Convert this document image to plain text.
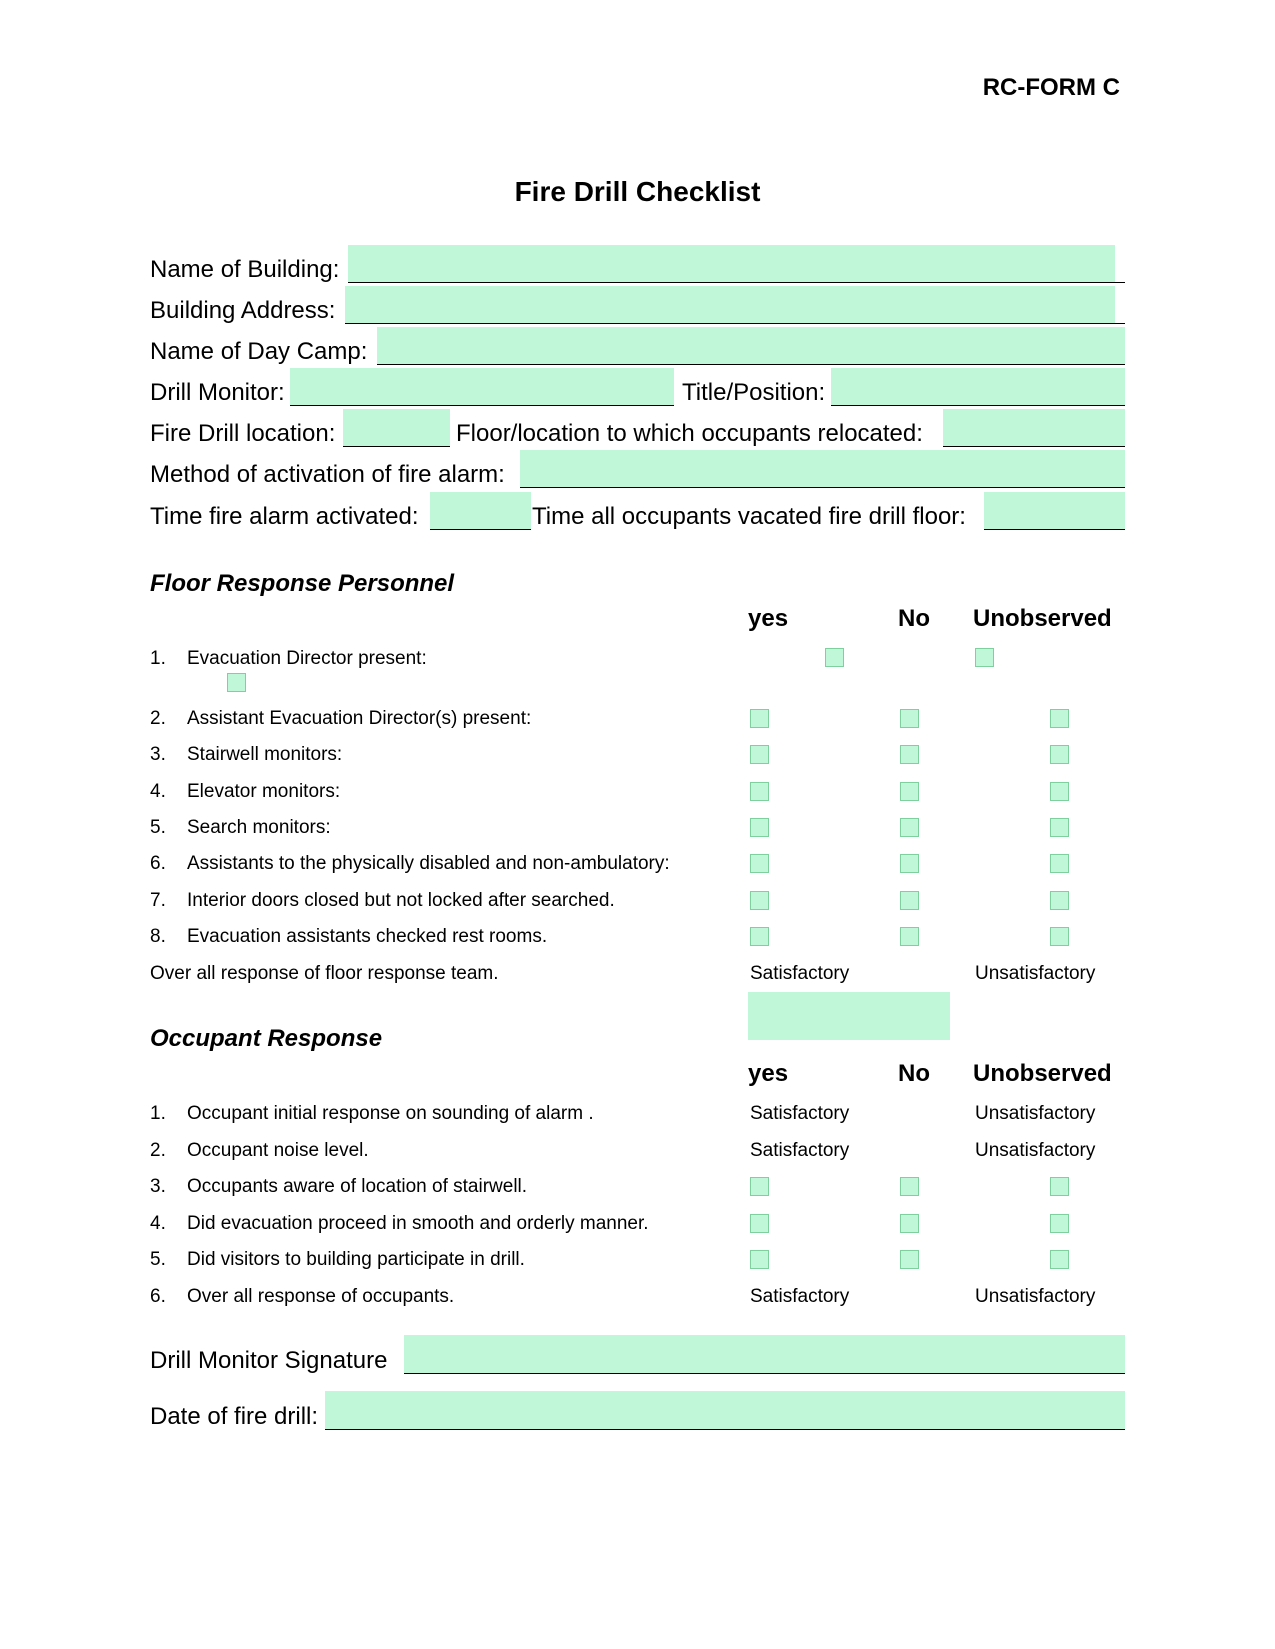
RC-FORM C
Fire Drill Checklist
Name of Building:
Building Address:
Name of Day Camp:
Drill Monitor:	Title/Position:
Fire Drill location:	Floor/location to which occupants relocated:
Method of activation of fire alarm:
Time fire alarm activated:	Time all occupants vacated fire drill floor:
Floor Response Personnel
yes	No Unobserved
1. Evacuation Director present:
2. Assistant Evacuation Director(s) present:
3. Stairwell monitors:
4. Elevator monitors:
5. Search monitors:
6. Assistants to the physically disabled and non-ambulatory:
7. Interior doors closed but not locked after searched.
8. Evacuation assistants checked rest rooms.
Over all response of floor response team.	Satisfactory	Unsatisfactory
Occupant Response
yes	No Unobserved
1. Occupant initial response on sounding of alarm .	Satisfactory	Unsatisfactory
2. Occupant noise level.	Satisfactory	Unsatisfactory
3. Occupants aware of location of stairwell.
4. Did evacuation proceed in smooth and orderly manner.
5. Did visitors to building participate in drill.
6. Over all response of occupants.	Satisfactory	Unsatisfactory
Drill Monitor Signature
Date of fire drill:
